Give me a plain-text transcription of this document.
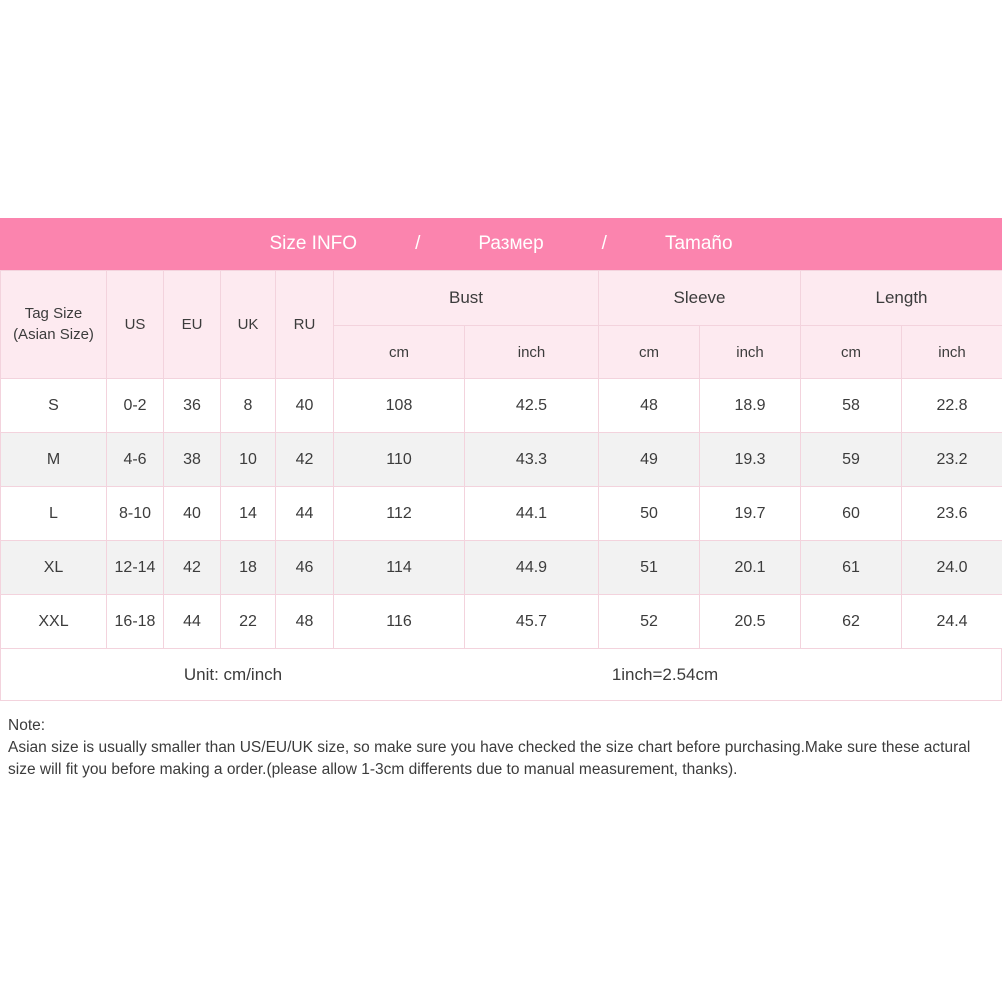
Size INFO	/	Размер	/	Tamaño
Tag Size
(Asian Size)	US	EU	UK	RU	Bust		Sleeve		Length	
					cm	inch	cm	inch	cm	inch
S	0-2	36	8	40	108	42.5	48	18.9	58	22.8
M	4-6	38	10	42	110	43.3	49	19.3	59	23.2
L	8-10	40	14	44	112	44.1	50	19.7	60	23.6
XL	12-14	42	18	46	114	44.9	51	20.1	61	24.0
XXL	16-18	44	22	48	116	45.7	52	20.5	62	24.4
Unit: cm/inch	1inch=2.54cm
Note:
Asian size is usually smaller than US/EU/UK size, so make sure you have checked the size chart before purchasing.Make sure these actural size will fit you before making a order.(please allow 1-3cm differents due to manual measurement, thanks).
